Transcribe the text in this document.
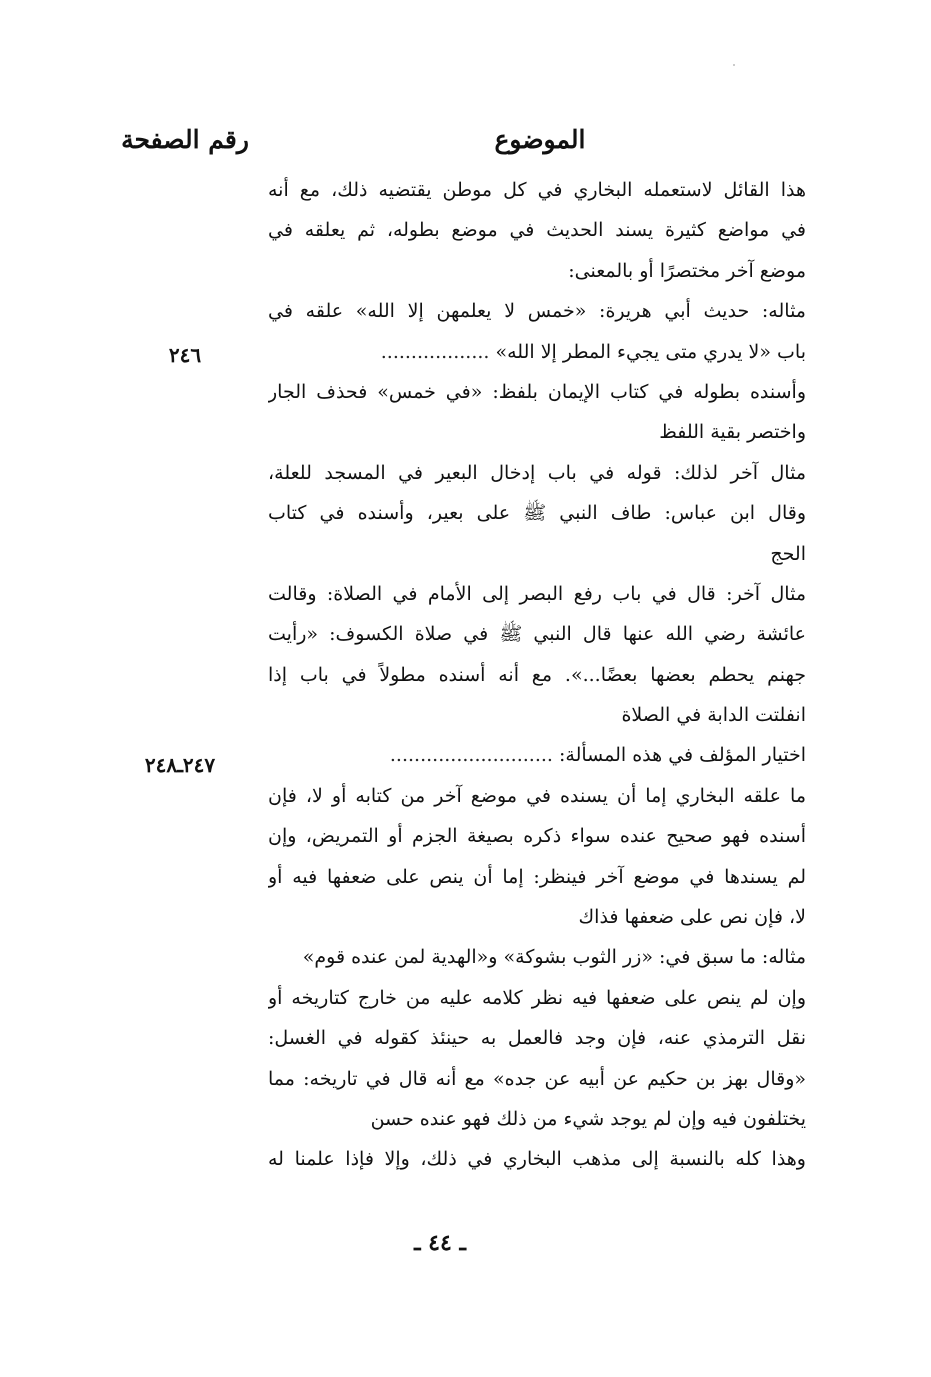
الموضوع
رقم الصفحة
هذا القائل لاستعمله البخاري في كل موطن يقتضيه ذلك، مع أنه
في مواضع كثيرة يسند الحديث في موضع بطوله، ثم يعلقه في
موضع آخر مختصرًا أو بالمعنى:
مثاله: حديث أبي هريرة: «خمس لا يعلمهن إلا الله» علقه في
باب «لا يدري متى يجيء المطر إلا الله» ..................
وأسنده بطوله في كتاب الإيمان بلفظ: «في خمس» فحذف الجار
واختصر بقية اللفظ
مثال آخر لذلك: قوله في باب إدخال البعير في المسجد للعلة،
وقال ابن عباس: طاف النبي ﷺ على بعير، وأسنده في كتاب
الحج
مثال آخر: قال في باب رفع البصر إلى الأمام في الصلاة: وقالت
عائشة رضي الله عنها قال النبي ﷺ في صلاة الكسوف: «رأيت
جهنم يحطم بعضها بعضًا...». مع أنه أسنده مطولاً في باب إذا
انفلتت الدابة في الصلاة
اختيار المؤلف في هذه المسألة: ...........................
ما علقه البخاري إما أن يسنده في موضع آخر من كتابه أو لا، فإن
أسنده فهو صحيح عنده سواء ذكره بصيغة الجزم أو التمريض، وإن
لم يسندها في موضع آخر فينظر: إما أن ينص على ضعفها فيه أو
لا، فإن نص على ضعفها فذاك
مثاله: ما سبق في: «زر الثوب بشوكة» و«الهدية لمن عنده قوم»
وإن لم ينص على ضعفها فيه نظر كلامه عليه من خارج كتاريخه أو
نقل الترمذي عنه، فإن وجد فالعمل به حينئذ كقوله في الغسل:
«وقال بهز بن حكيم عن أبيه عن جده» مع أنه قال في تاريخه: مما
يختلفون فيه وإن لم يوجد شيء من ذلك فهو عنده حسن
وهذا كله بالنسبة إلى مذهب البخاري في ذلك، وإلا فإذا علمنا له
٢٤٦
٢٤٧ـ٢٤٨
ـ ٤٤ ـ
